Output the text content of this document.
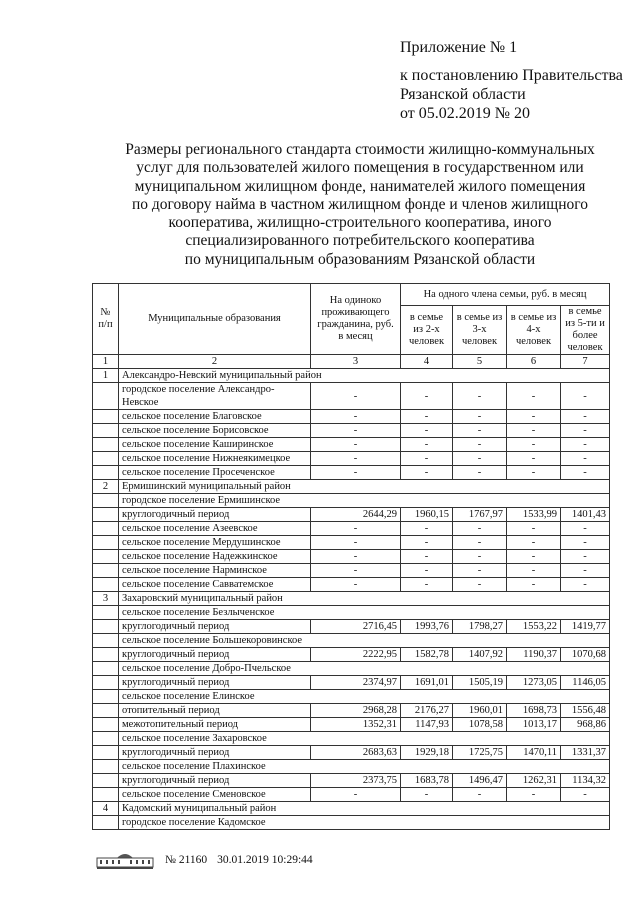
Приложение № 1
к постановлению Правительства
Рязанской области
от 05.02.2019 № 20
Размеры регионального стандарта стоимости жилищно-коммунальных
услуг для пользователей жилого помещения в государственном или
муниципальном жилищном фонде, нанимателей жилого помещения
по договору найма в частном жилищном фонде и членов жилищного
кооператива, жилищно-строительного кооператива, иного
специализированного потребительского кооператива
по муниципальным образованиям Рязанской области
№ п/п	Муниципальные образования	На одиноко проживающего гражданина, руб. в месяц	На одного члена семьи, руб. в месяц			
			в семье из 2-х человек	в семье из 3-х человек	в семье из 4-х человек	в семье из 5-ти и более человек
1	2	3	4	5	6	7
1	Александро-Невский муниципальный район					
	городское поселение Александро-Невское	-	-	-	-	-
	сельское поселение Благовское	-	-	-	-	-
	сельское поселение Борисовское	-	-	-	-	-
	сельское поселение Каширинское	-	-	-	-	-
	сельское поселение Нижнеякимецкое	-	-	-	-	-
	сельское поселение Просеченское	-	-	-	-	-
2	Ермишинский муниципальный район					
	городское поселение Ермишинское					
	круглогодичный период	2644,29	1960,15	1767,97	1533,99	1401,43
	сельское поселение Азеевское	-	-	-	-	-
	сельское поселение Мердушинское	-	-	-	-	-
	сельское поселение Надежкинское	-	-	-	-	-
	сельское поселение Нарминское	-	-	-	-	-
	сельское поселение Савватемское	-	-	-	-	-
3	Захаровский муниципальный район					
	сельское поселение Безлыченское					
	круглогодичный период	2716,45	1993,76	1798,27	1553,22	1419,77
	сельское поселение Большекоровинское					
	круглогодичный период	2222,95	1582,78	1407,92	1190,37	1070,68
	сельское поселение Добро-Пчельское					
	круглогодичный период	2374,97	1691,01	1505,19	1273,05	1146,05
	сельское поселение Елинское					
	отопительный период	2968,28	2176,27	1960,01	1698,73	1556,48
	межотопительный период	1352,31	1147,93	1078,58	1013,17	968,86
	сельское поселение Захаровское					
	круглогодичный период	2683,63	1929,18	1725,75	1470,11	1331,37
	сельское поселение Плахинское					
	круглогодичный период	2373,75	1683,78	1496,47	1262,31	1134,32
	сельское поселение Сменовское	-	-	-	-	-
4	Кадомский муниципальный район					
	городское поселение Кадомское					
№ 21160 30.01.2019 10:29:44
